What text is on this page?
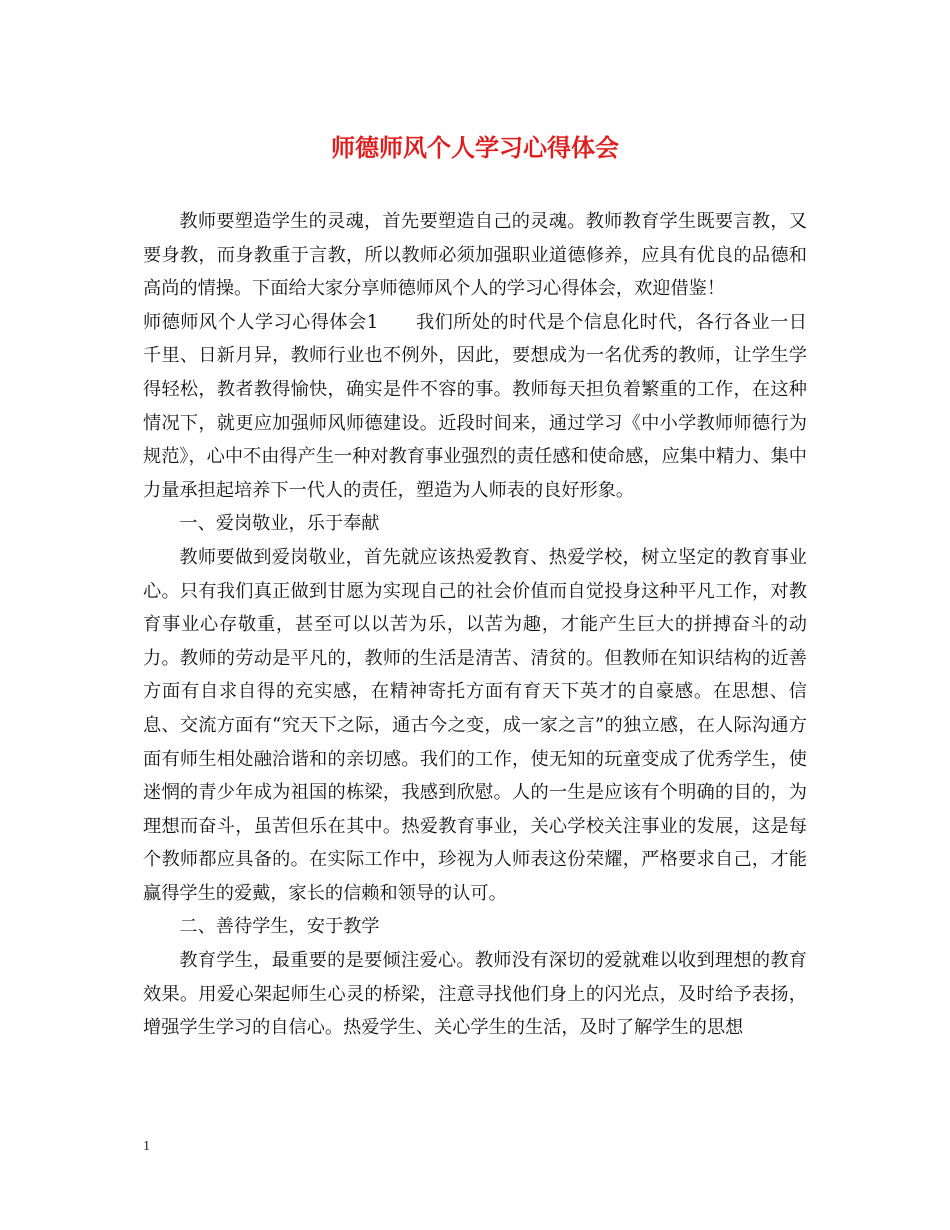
师德师风个人学习心得体会

教师要塑造学生的灵魂，首先要塑造自己的灵魂。教师教育学生既要言教，又要身教，而身教重于言教，所以教师必须加强职业道德修养，应具有优良的品德和高尚的情操。下面给大家分享师德师风个人的学习心得体会，欢迎借鉴！

师德师风个人学习心得体会1　　我们所处的时代是个信息化时代，各行各业一日千里、日新月异，教师行业也不例外，因此，要想成为一名优秀的教师，让学生学得轻松，教者教得愉快，确实是件不容的事。教师每天担负着繁重的工作，在这种情况下，就更应加强师风师德建设。近段时间来，通过学习《中小学教师师德行为规范》，心中不由得产生一种对教育事业强烈的责任感和使命感，应集中精力、集中力量承担起培养下一代人的责任，塑造为人师表的良好形象。

一、爱岗敬业，乐于奉献

教师要做到爱岗敬业，首先就应该热爱教育、热爱学校，树立坚定的教育事业心。只有我们真正做到甘愿为实现自己的社会价值而自觉投身这种平凡工作，对教育事业心存敬重，甚至可以以苦为乐，以苦为趣，才能产生巨大的拼搏奋斗的动力。教师的劳动是平凡的，教师的生活是清苦、清贫的。但教师在知识结构的近善方面有自求自得的充实感，在精神寄托方面有育天下英才的自豪感。在思想、信息、交流方面有“究天下之际，通古今之变，成一家之言”的独立感，在人际沟通方面有师生相处融洽谐和的亲切感。我们的工作，使无知的玩童变成了优秀学生，使迷惘的青少年成为祖国的栋梁，我感到欣慰。人的一生是应该有个明确的目的，为理想而奋斗，虽苦但乐在其中。热爱教育事业，关心学校关注事业的发展，这是每个教师都应具备的。在实际工作中，珍视为人师表这份荣耀，严格要求自己，才能赢得学生的爱戴，家长的信赖和领导的认可。

二、善待学生，安于教学

教育学生，最重要的是要倾注爱心。教师没有深切的爱就难以收到理想的教育效果。用爱心架起师生心灵的桥梁，注意寻找他们身上的闪光点，及时给予表扬，增强学生学习的自信心。热爱学生、关心学生的生活，及时了解学生的思想

1
